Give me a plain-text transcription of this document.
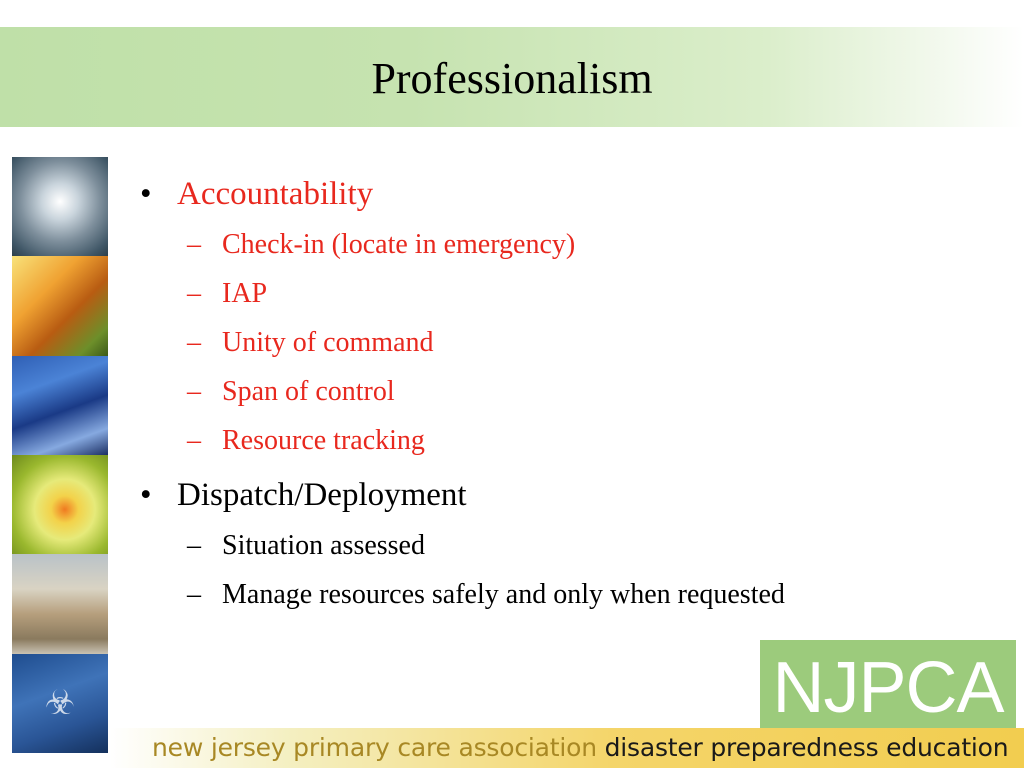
Professionalism
☣
• Accountability
– Check-in (locate in emergency)
– IAP
– Unity of command
– Span of control
– Resource tracking
• Dispatch/Deployment
– Situation assessed
– Manage resources safely and only when requested
NJPCA
new jersey primary care association disaster preparedness education
